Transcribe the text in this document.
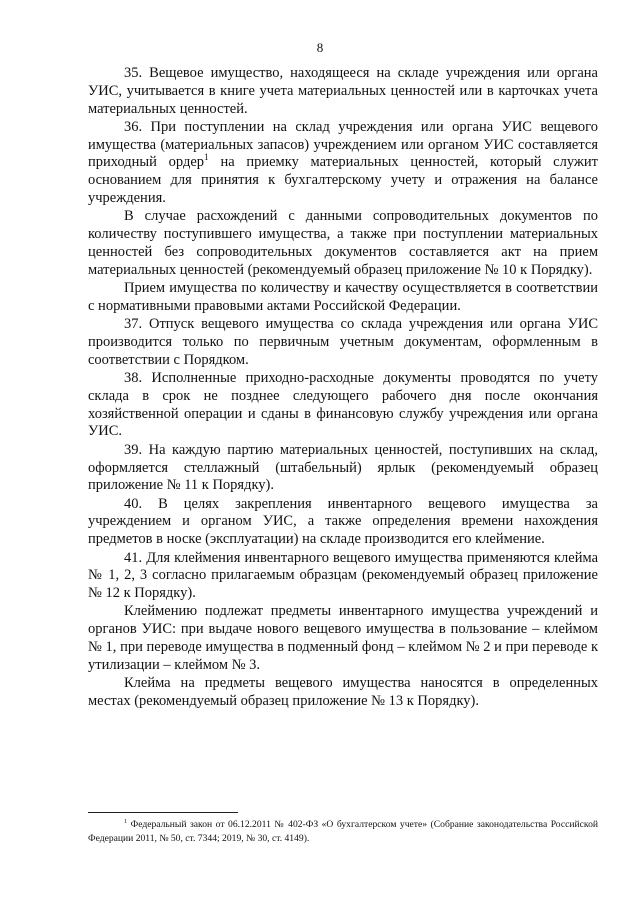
8

35. Вещевое имущество, находящееся на складе учреждения или органа УИС, учитывается в книге учета материальных ценностей или в карточках учета материальных ценностей.

36. При поступлении на склад учреждения или органа УИС вещевого имущества (материальных запасов) учреждением или органом УИС составляется приходный ордер$^1$ на приемку материальных ценностей, который служит основанием для принятия к бухгалтерскому учету и отражения на балансе учреждения.

В случае расхождений с данными сопроводительных документов по количеству поступившего имущества, а также при поступлении материальных ценностей без сопроводительных документов составляется акт на прием материальных ценностей (рекомендуемый образец приложение № 10 к Порядку).

Прием имущества по количеству и качеству осуществляется в соответствии с нормативными правовыми актами Российской Федерации.

37. Отпуск вещевого имущества со склада учреждения или органа УИС производится только по первичным учетным документам, оформленным в соответствии с Порядком.

38. Исполненные приходно-расходные документы проводятся по учету склада в срок не позднее следующего рабочего дня после окончания хозяйственной операции и сданы в финансовую службу учреждения или органа УИС.

39. На каждую партию материальных ценностей, поступивших на склад, оформляется стеллажный (штабельный) ярлык (рекомендуемый образец приложение № 11 к Порядку).

40. В целях закрепления инвентарного вещевого имущества за учреждением и органом УИС, а также определения времени нахождения предметов в носке (эксплуатации) на складе производится его клеймение.

41. Для клеймения инвентарного вещевого имущества применяются клейма № 1, 2, 3 согласно прилагаемым образцам (рекомендуемый образец приложение № 12 к Порядку).

Клеймению подлежат предметы инвентарного имущества учреждений и органов УИС: при выдаче нового вещевого имущества в пользование – клеймом № 1, при переводе имущества в подменный фонд – клеймом № 2 и при переводе к утилизации – клеймом № 3.

Клейма на предметы вещевого имущества наносятся в определенных местах (рекомендуемый образец приложение № 13 к Порядку).

$^1$ Федеральный закон от 06.12.2011 № 402-ФЗ «О бухгалтерском учете» (Собрание законодательства Российской Федерации 2011, № 50, ст. 7344; 2019, № 30, ст. 4149).
